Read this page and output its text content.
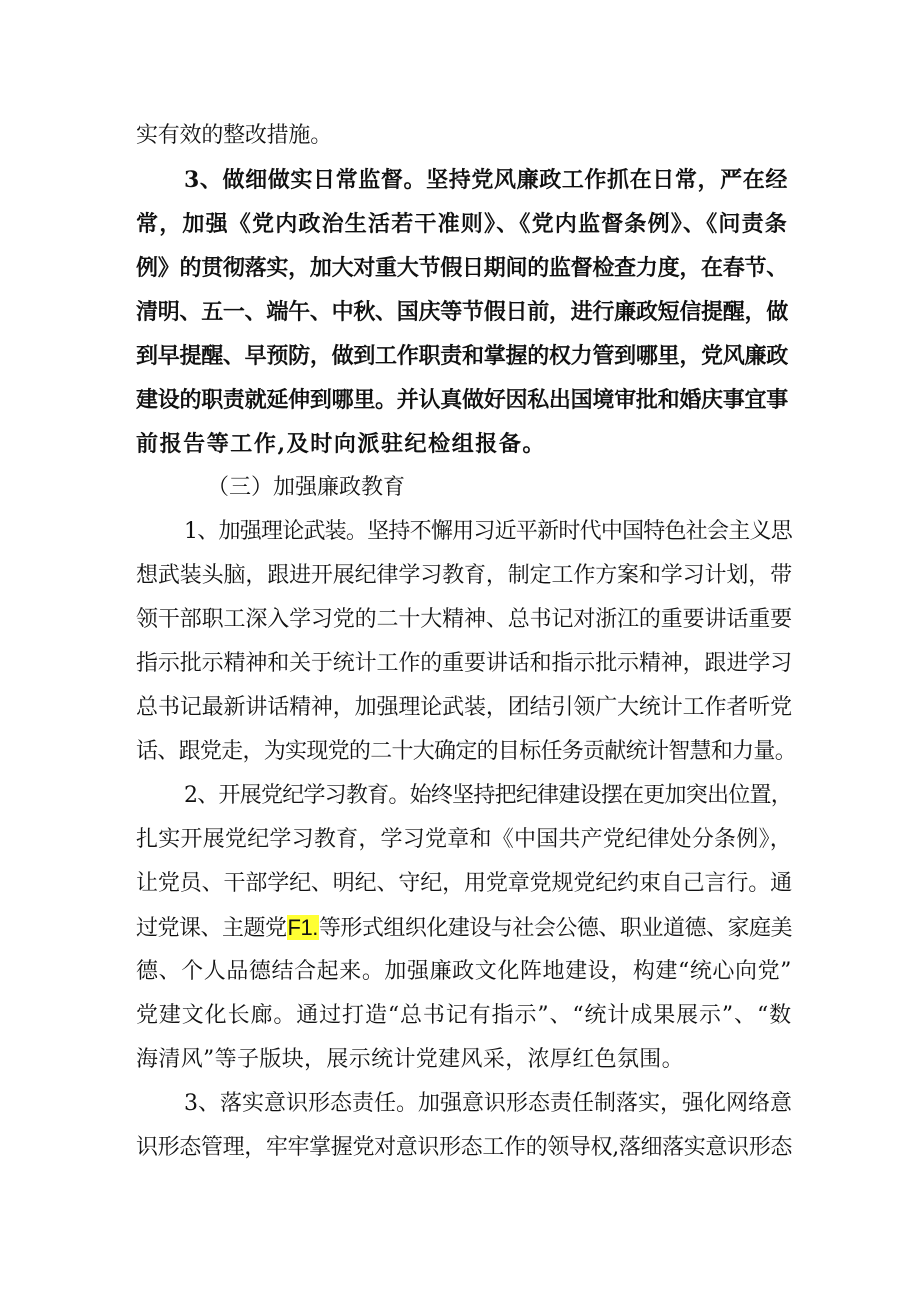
实有效的整改措施。
3、做细做实日常监督。坚持党风廉政工作抓在日常，严在经
常，加强《党内政治生活若干准则》、《党内监督条例》、《问责条
例》的贯彻落实，加大对重大节假日期间的监督检查力度，在春节、
清明、五一、端午、中秋、国庆等节假日前，进行廉政短信提醒，做
到早提醒、早预防，做到工作职责和掌握的权力管到哪里，党风廉政
建设的职责就延伸到哪里。并认真做好因私出国境审批和婚庆事宜事
前报告等工作,及时向派驻纪检组报备。
（三）加强廉政教育
1、加强理论武装。坚持不懈用习近平新时代中国特色社会主义思
想武装头脑，跟进开展纪律学习教育，制定工作方案和学习计划，带
领干部职工深入学习党的二十大精神、总书记对浙江的重要讲话重要
指示批示精神和关于统计工作的重要讲话和指示批示精神，跟进学习
总书记最新讲话精神，加强理论武装，团结引领广大统计工作者听党
话、跟党走，为实现党的二十大确定的目标任务贡献统计智慧和力量。
2、开展党纪学习教育。始终坚持把纪律建设摆在更加突出位置，
扎实开展党纪学习教育，学习党章和《中国共产党纪律处分条例》，
让党员、干部学纪、明纪、守纪，用党章党规党纪约束自己言行。通
过党课、主题党F1.等形式组织化建设与社会公德、职业道德、家庭美
德、个人品德结合起来。加强廉政文化阵地建设，构建“统心向党”
党建文化长廊。通过打造“总书记有指示”、“统计成果展示”、“数
海清风”等子版块，展示统计党建风采，浓厚红色氛围。
3、落实意识形态责任。加强意识形态责任制落实，强化网络意
识形态管理，牢牢掌握党对意识形态工作的领导权,落细落实意识形态
